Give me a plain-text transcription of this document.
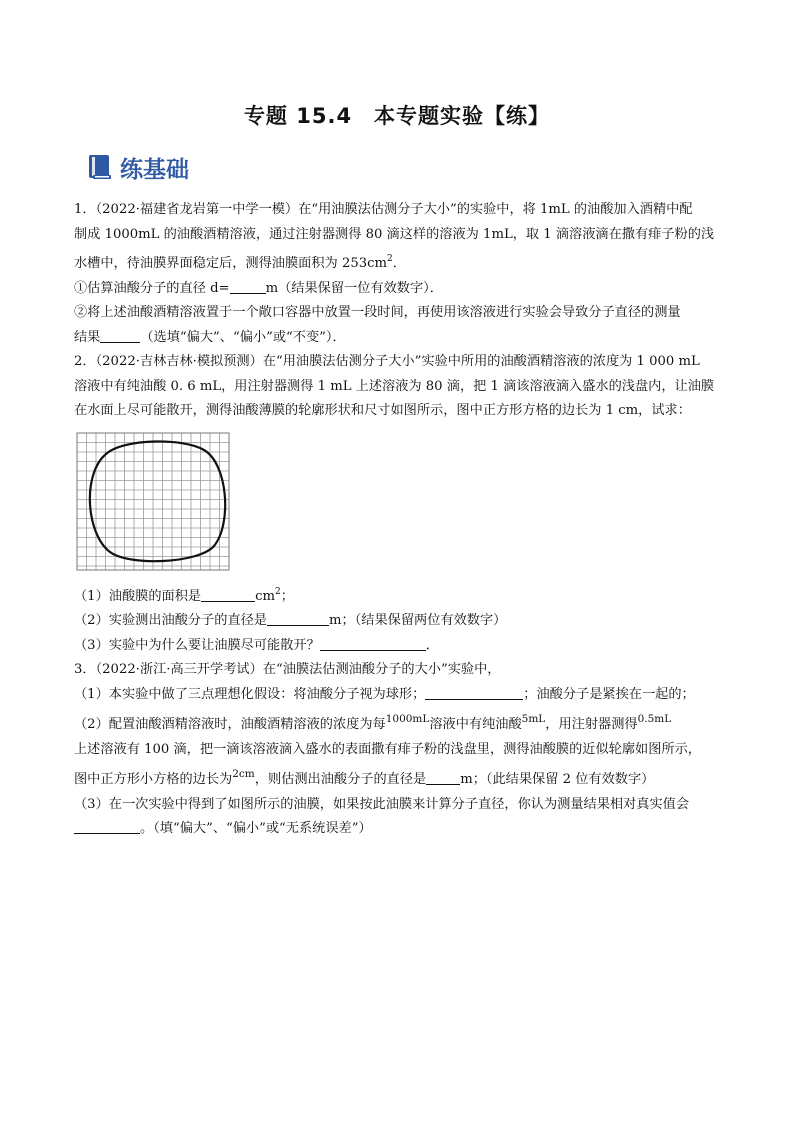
专题 15.4　本专题实验【练】
练基础

1．（2022·福建省龙岩第一中学一模）在“用油膜法估测分子大小”的实验中，将 1mL 的油酸加入酒精中配

制成 1000mL 的油酸酒精溶液，通过注射器测得 80 滴这样的溶液为 1mL，取 1 滴溶液滴在撒有痱子粉的浅

水槽中，待油膜界面稳定后，测得油膜面积为 $253cm^2$．

①估算油酸分子的直径 d=	m（结果保留一位有效数字）．

②将上述油酸酒精溶液置于一个敞口容器中放置一段时间，再使用该溶液进行实验会导致分子直径的测量

结果	（选填“偏大”、“偏小”或“不变”）．

2．（2022·吉林吉林·模拟预测）在“用油膜法估测分子大小”实验中所用的油酸酒精溶液的浓度为 1 000 mL

溶液中有纯油酸 0. 6 mL，用注射器测得 1 mL 上述溶液为 80 滴，把 1 滴该溶液滴入盛水的浅盘内，让油膜

在水面上尽可能散开，测得油酸薄膜的轮廓形状和尺寸如图所示，图中正方形方格的边长为 1 cm，试求：

（1）油酸膜的面积是	$cm^2$；

（2）实验测出油酸分子的直径是	m；（结果保留两位有效数字）

（3）实验中为什么要让油膜尽可能散开？	．

3．（2022·浙江·高三开学考试）在“油膜法估测油酸分子的大小”实验中，

（1）本实验中做了三点理想化假设：将油酸分子视为球形；	；油酸分子是紧挨在一起的；

（2）配置油酸酒精溶液时，油酸酒精溶液的浓度为每$^{1000mL}$溶液中有纯油酸$^{5mL}$，用注射器测得$^{0.5mL}$

上述溶液有 100 滴，把一滴该溶液滴入盛水的表面撒有痱子粉的浅盘里，测得油酸膜的近似轮廓如图所示，

图中正方形小方格的边长为$^{2cm}$，则估测出油酸分子的直径是	m；（此结果保留 2 位有效数字）

（3）在一次实验中得到了如图所示的油膜，如果按此油膜来计算分子直径，你认为测量结果相对真实值会

。（填“偏大”、“偏小”或“无系统误差”）
